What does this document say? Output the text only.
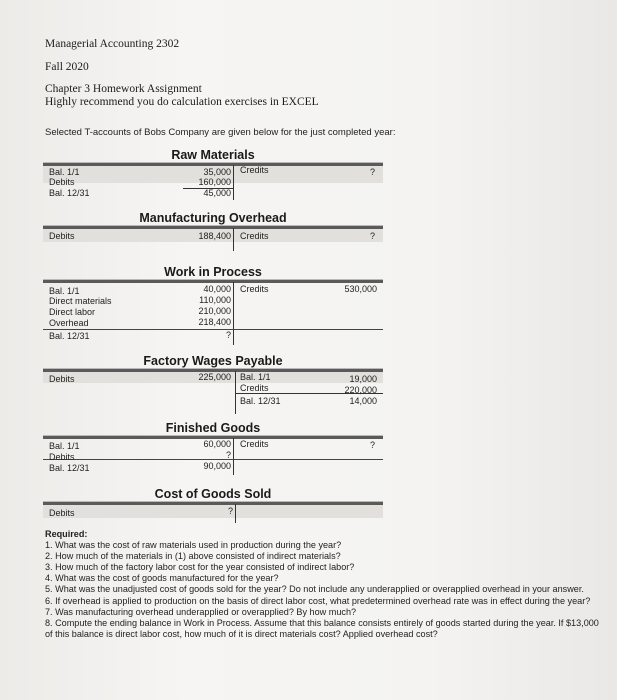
Managerial Accounting 2302
Fall 2020
Chapter 3 Homework Assignment
Highly recommend you do calculation exercises in EXCEL
Selected T-accounts of Bobs Company are given below for the just completed year:
Raw Materials
Bal. 1/1	35,000 Credits	?
Debits	160,000
Bal. 12/31	45,000
Manufacturing Overhead
Debits	188,400 Credits	?
Work in Process
Bal. 1/1	40,000 Credits	530,000
Direct materials	110,000
Direct labor	210,000
Overhead	218,400
Bal. 12/31	?
Factory Wages Payable
Debits	225,000 Bal. 1/1	19,000
Credits	220,000
Bal. 12/31	14,000
Finished Goods
Bal. 1/1	60,000 Credits	?
Debits	?
Bal. 12/31	90,000
Cost of Goods Sold
Debits	?
Required:
1. What was the cost of raw materials used in production during the year?
2. How much of the materials in (1) above consisted of indirect materials?
3. How much of the factory labor cost for the year consisted of indirect labor?
4. What was the cost of goods manufactured for the year?
5. What was the unadjusted cost of goods sold for the year? Do not include any underapplied or overapplied overhead in your answer.
6. If overhead is applied to production on the basis of direct labor cost, what predetermined overhead rate was in effect during the year?
7. Was manufacturing overhead underapplied or overapplied? By how much?
8. Compute the ending balance in Work in Process. Assume that this balance consists entirely of goods started during the year. If $13,000 of this balance is direct labor cost, how much of it is direct materials cost? Applied overhead cost?
